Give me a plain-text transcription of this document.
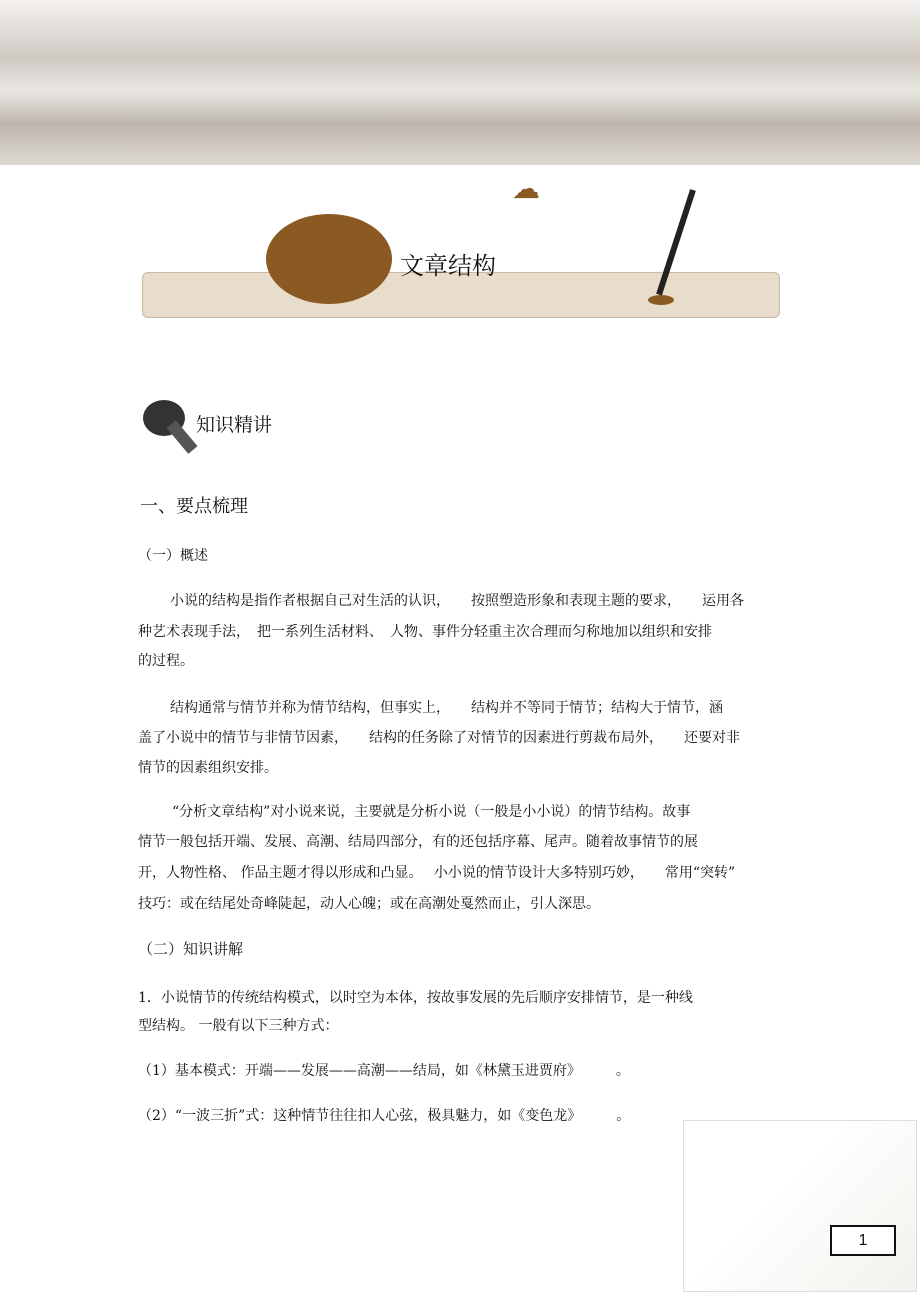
☁
文章结构
知识精讲
一、要点梳理
（一）概述
小说的结构是指作者根据自己对生活的认识，　　按照塑造形象和表现主题的要求，　　运用各
种艺术表现手法，　把一系列生活材料、　人物、事件分轻重主次合理而匀称地加以组织和安排
的过程。
结构通常与情节并称为情节结构，但事实上，　　结构并不等同于情节；结构大于情节，涵
盖了小说中的情节与非情节因素，　　结构的任务除了对情节的因素进行剪裁布局外，　　还要对非
情节的因素组织安排。
“分析文章结构”对小说来说，主要就是分析小说（一般是小小说）的情节结构。故事
情节一般包括开端、发展、高潮、结局四部分，有的还包括序幕、尾声。随着故事情节的展
开，人物性格、 作品主题才得以形成和凸显。　 小小说的情节设计大多特别巧妙，　　常用“突转”
技巧：或在结尾处奇峰陡起，动人心魄；或在高潮处戛然而止，引人深思。
（二）知识讲解
1．小说情节的传统结构模式，以时空为本体，按故事发展的先后顺序安排情节，是一种线
型结构。 一般有以下三种方式：
（1）基本模式：开端——发展——高潮——结局，如《林黛玉进贾府》　　　。
（2）“一波三折”式：这种情节往往扣人心弦，极具魅力，如《变色龙》　　　。
1
